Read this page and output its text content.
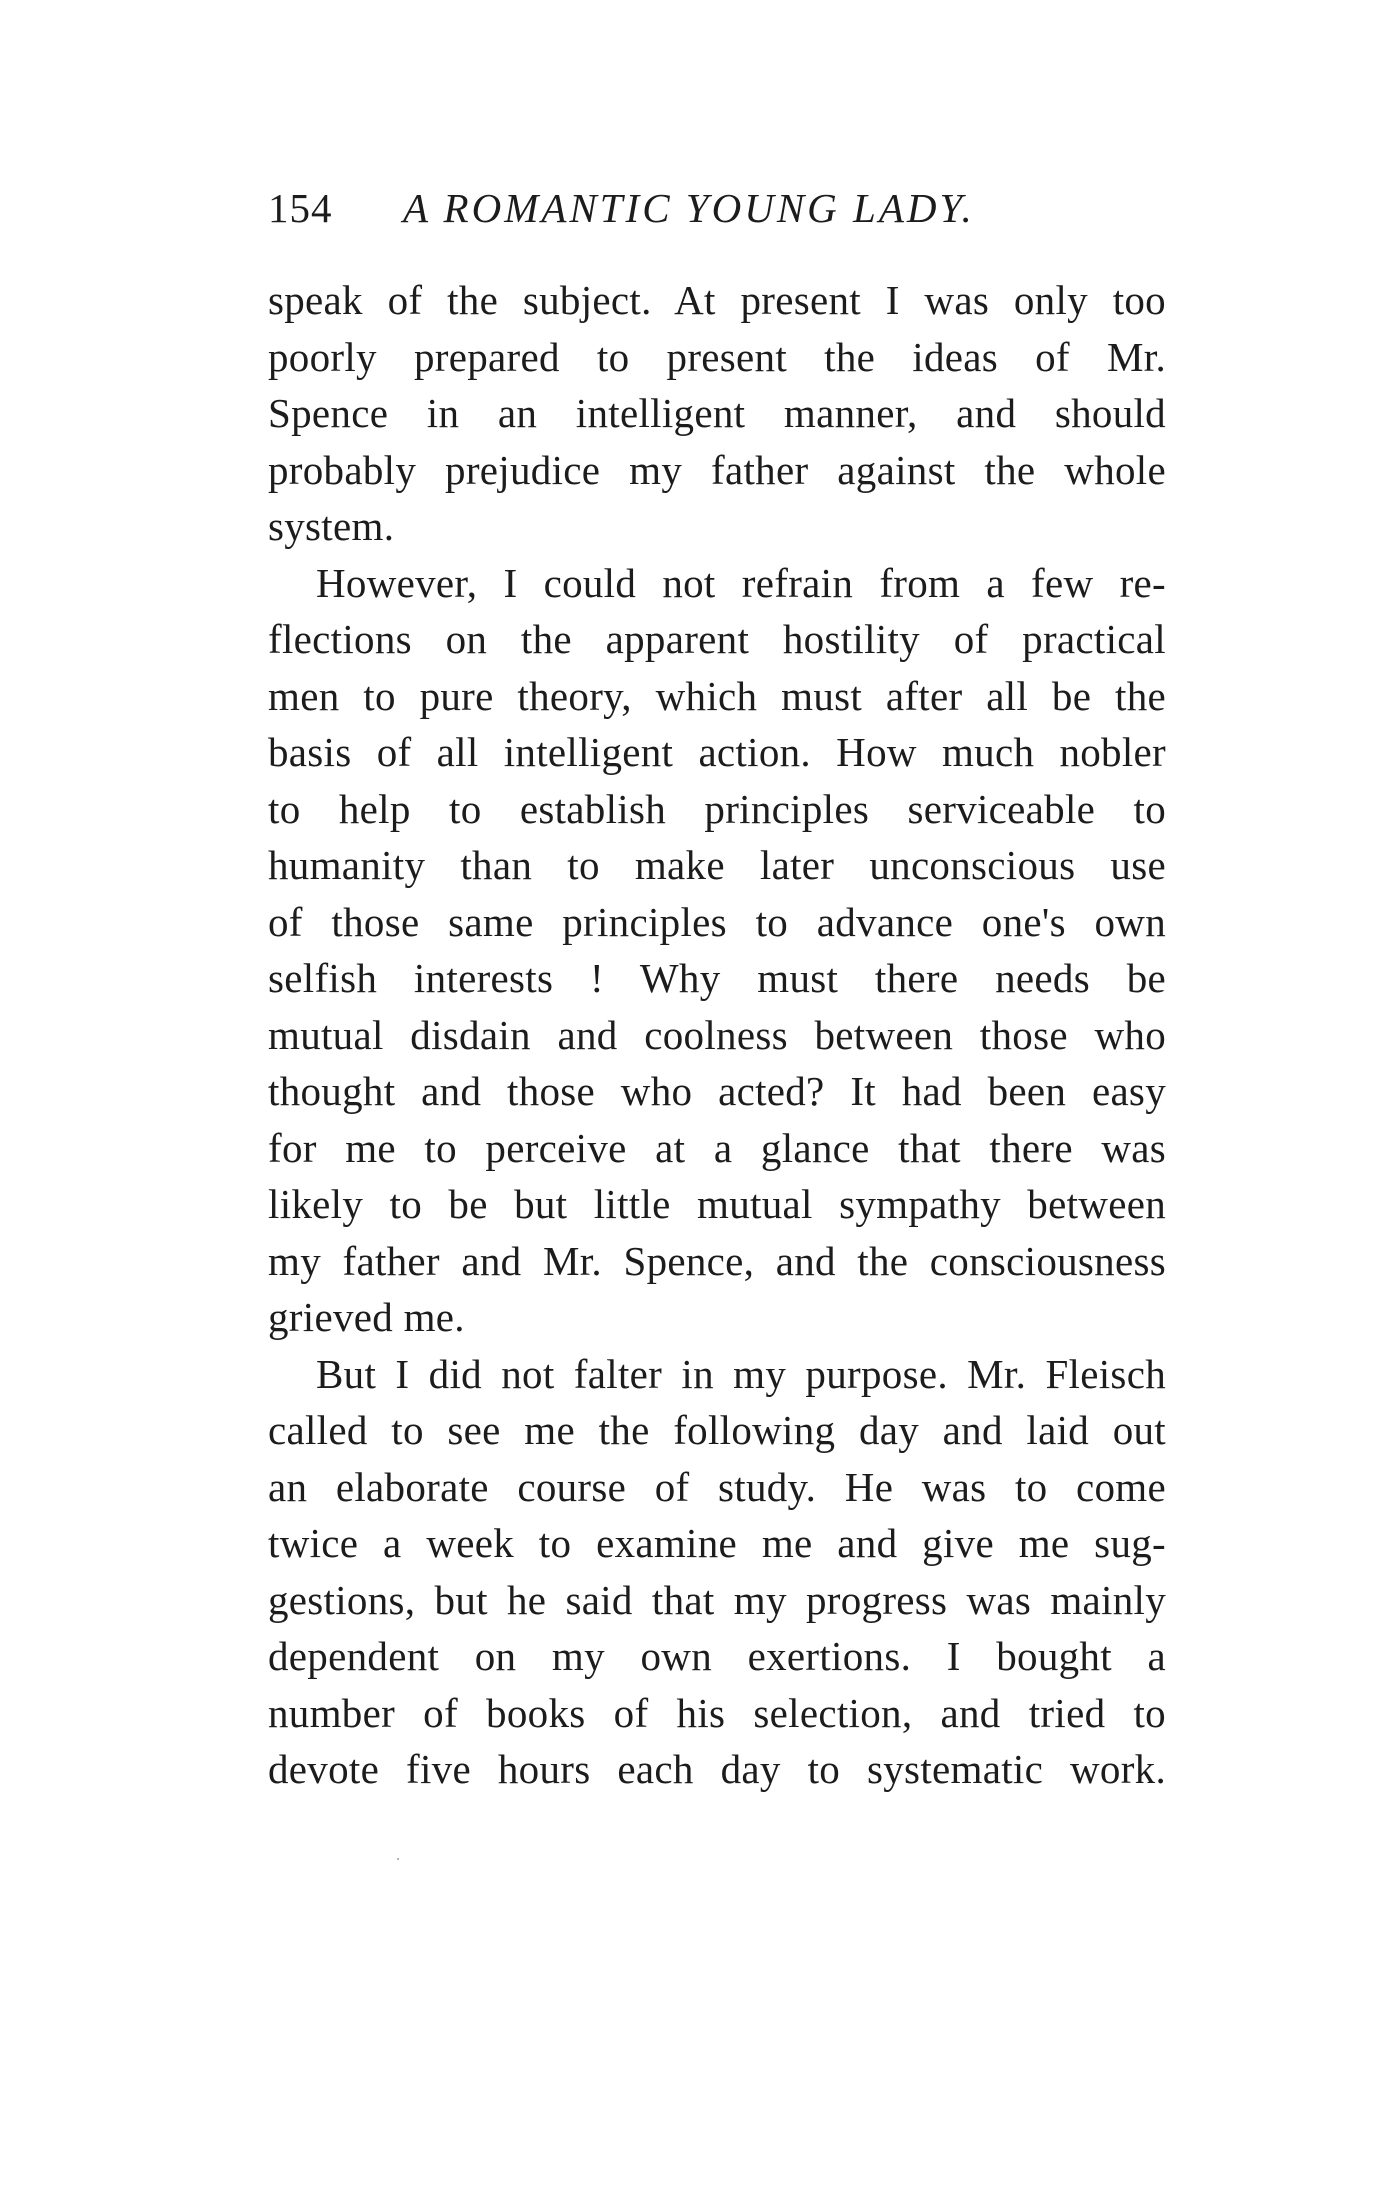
154 A ROMANTIC YOUNG LADY.
speak of the subject. At present I was only too
poorly prepared to present the ideas of Mr.
Spence in an intelligent manner, and should
probably prejudice my father against the whole
system.
However, I could not refrain from a few re-
flections on the apparent hostility of practical
men to pure theory, which must after all be the
basis of all intelligent action. How much nobler
to help to establish principles serviceable to
humanity than to make later unconscious use
of those same principles to advance one's own
selfish interests ! Why must there needs be
mutual disdain and coolness between those who
thought and those who acted? It had been easy
for me to perceive at a glance that there was
likely to be but little mutual sympathy between
my father and Mr. Spence, and the consciousness
grieved me.
But I did not falter in my purpose. Mr. Fleisch
called to see me the following day and laid out
an elaborate course of study. He was to come
twice a week to examine me and give me sug-
gestions, but he said that my progress was mainly
dependent on my own exertions. I bought a
number of books of his selection, and tried to
devote five hours each day to systematic work.
